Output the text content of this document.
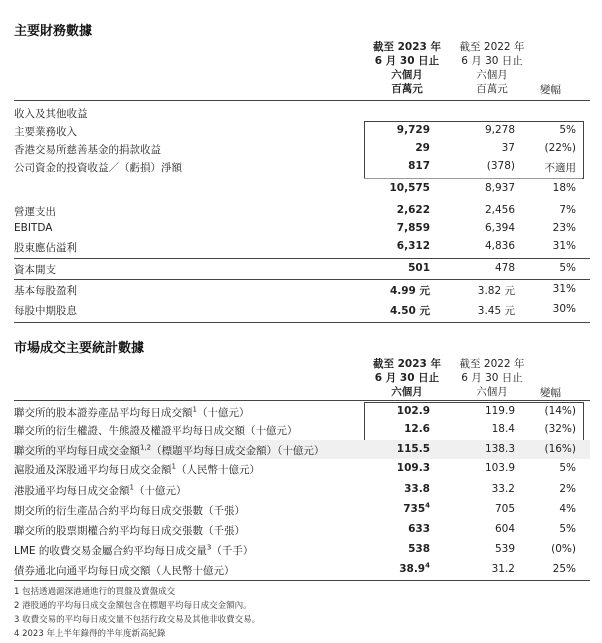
主要財務數據
截至 2023 年
6 月 30 日止
六個月
百萬元
截至 2022 年
6 月 30 日止
六個月
百萬元	變幅
收入及其他收益
主要業務收入	9,729	9,278	5%
香港交易所慈善基金的捐款收益	29	37	(22%)
公司資金的投資收益／（虧損）淨額	817	(378)	不適用
10,575	8,937	18%
營運支出	2,622	2,456	7%
EBITDA	7,859	6,394	23%
股東應佔溢利	6,312	4,836	31%
資本開支	501	478	5%
基本每股盈利	4.99 元	3.82 元	31%
每股中期股息	4.50 元	3.45 元	30%
市場成交主要統計數據
截至 2023 年
6 月 30 日止
六個月
截至 2022 年
6 月 30 日止
六個月	變幅
聯交所的股本證券產品平均每日成交額$^1$（十億元）	102.9	119.9	(14%)
聯交所的衍生權證、牛熊證及權證平均每日成交額（十億元）	12.6	18.4	(32%)
聯交所的平均每日成交金額$^{1,2}$（標題平均每日成交金額）（十億元）	115.5	138.3	(16%)
滬股通及深股通平均每日成交金額$^1$（人民幣十億元）	109.3	103.9	5%
港股通平均每日成交金額$^1$（十億元）	33.8	33.2	2%
期交所的衍生產品合約平均每日成交張數（千張）	$735^4$	705	4%
聯交所的股票期權合約平均每日成交張數（千張）	633	604	5%
LME 的收費交易金屬合約平均每日成交量$^3$（千手）	538	539	(0%)
債券通北向通平均每日成交額（人民幣十億元）	38.9$^4$	31.2	25%
1 包括透過滬深港通進行的買盤及賣盤成交
2 港股通的平均每日成交金額包含在標題平均每日成交金額內。
3 收費交易的平均每日成交量不包括行政交易及其他非收費交易。
4 2023 年上半年錄得的半年度新高紀錄
